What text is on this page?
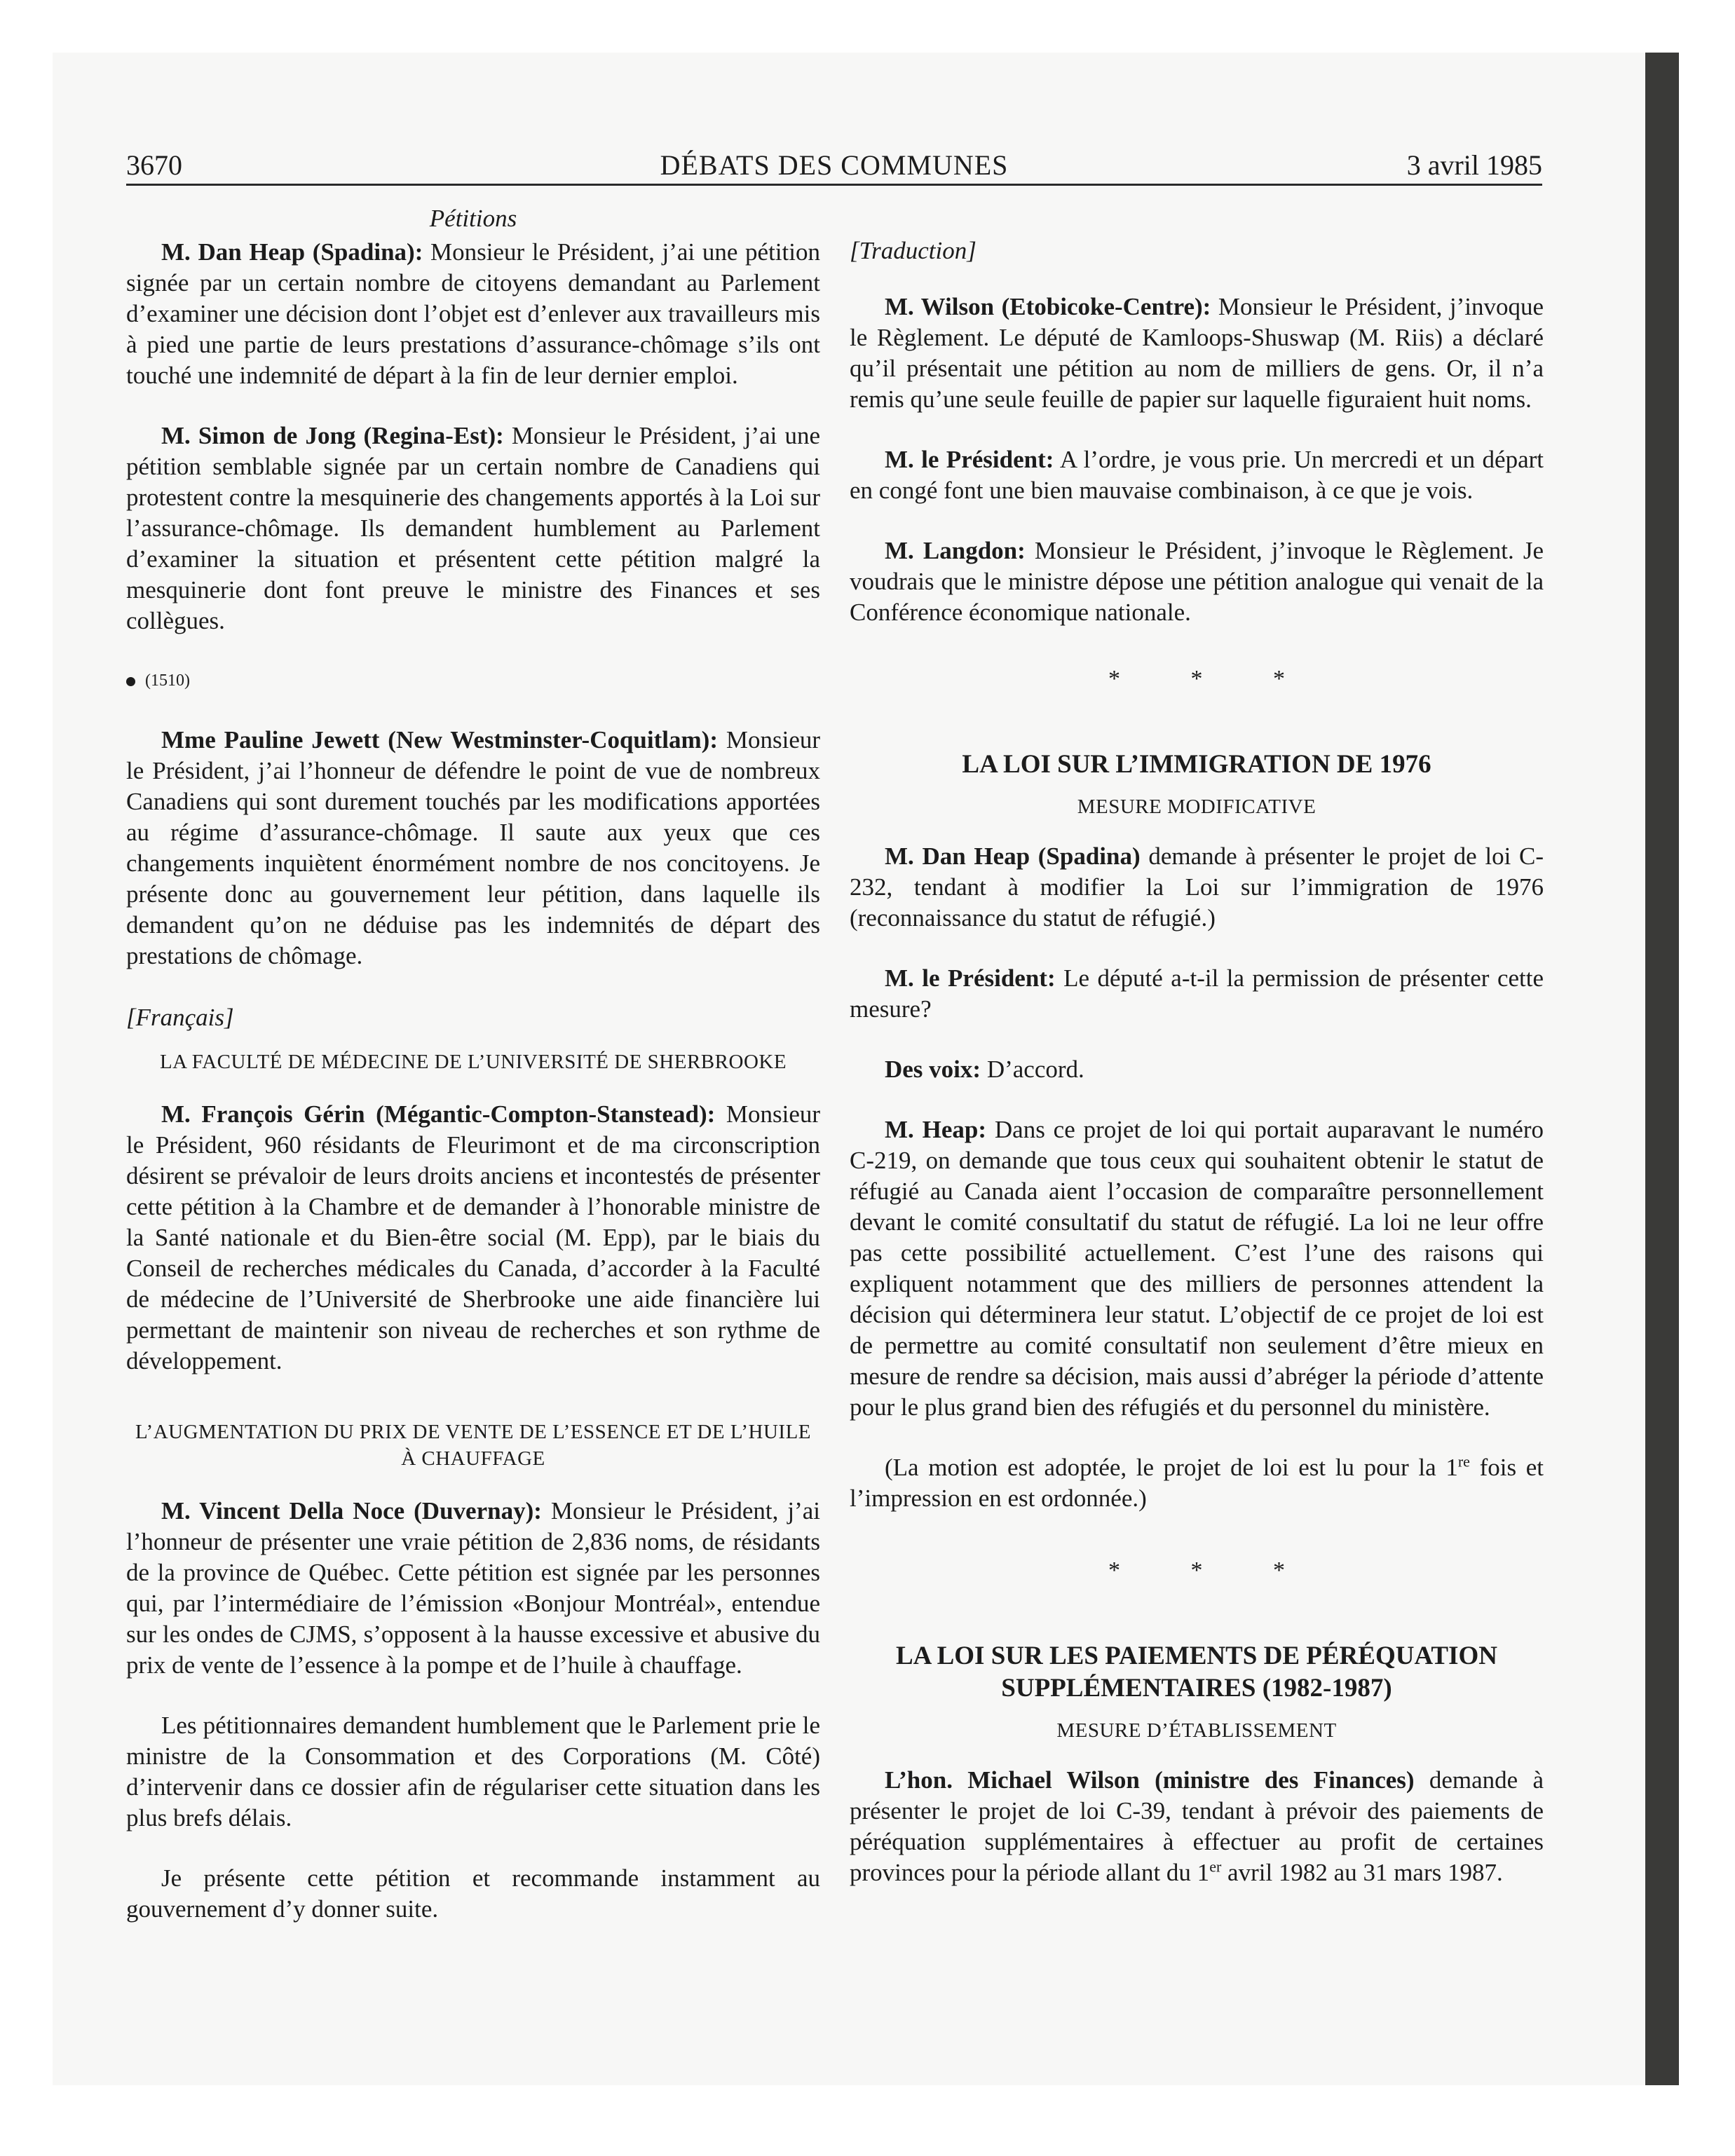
3670	DÉBATS DES COMMUNES	3 avril 1985
Pétitions

M. Dan Heap (Spadina): Monsieur le Président, j’ai une pétition signée par un certain nombre de citoyens demandant au Parlement d’examiner une décision dont l’objet est d’enlever aux travailleurs mis à pied une partie de leurs prestations d’assurance-chômage s’ils ont touché une indemnité de départ à la fin de leur dernier emploi.

M. Simon de Jong (Regina-Est): Monsieur le Président, j’ai une pétition semblable signée par un certain nombre de Canadiens qui protestent contre la mesquinerie des changements apportés à la Loi sur l’assurance-chômage. Ils demandent humblement au Parlement d’examiner la situation et présentent cette pétition malgré la mesquinerie dont font preuve le ministre des Finances et ses collègues.

(1510)

Mme Pauline Jewett (New Westminster-Coquitlam): Monsieur le Président, j’ai l’honneur de défendre le point de vue de nombreux Canadiens qui sont durement touchés par les modifications apportées au régime d’assurance-chômage. Il saute aux yeux que ces changements inquiètent énormément nombre de nos concitoyens. Je présente donc au gouvernement leur pétition, dans laquelle ils demandent qu’on ne déduise pas les indemnités de départ des prestations de chômage.

[Français]
LA FACULTÉ DE MÉDECINE DE L’UNIVERSITÉ DE SHERBROOKE

M. François Gérin (Mégantic-Compton-Stanstead): Monsieur le Président, 960 résidants de Fleurimont et de ma circonscription désirent se prévaloir de leurs droits anciens et incontestés de présenter cette pétition à la Chambre et de demander à l’honorable ministre de la Santé nationale et du Bien-être social (M. Epp), par le biais du Conseil de recherches médicales du Canada, d’accorder à la Faculté de médecine de l’Université de Sherbrooke une aide financière lui permettant de maintenir son niveau de recherches et son rythme de développement.

L’AUGMENTATION DU PRIX DE VENTE DE L’ESSENCE ET DE L’HUILE À CHAUFFAGE

M. Vincent Della Noce (Duvernay): Monsieur le Président, j’ai l’honneur de présenter une vraie pétition de 2,836 noms, de résidants de la province de Québec. Cette pétition est signée par les personnes qui, par l’intermédiaire de l’émission «Bonjour Montréal», entendue sur les ondes de CJMS, s’opposent à la hausse excessive et abusive du prix de vente de l’essence à la pompe et de l’huile à chauffage.

Les pétitionnaires demandent humblement que le Parlement prie le ministre de la Consommation et des Corporations (M. Côté) d’intervenir dans ce dossier afin de régulariser cette situation dans les plus brefs délais.

Je présente cette pétition et recommande instamment au gouvernement d’y donner suite.

[Traduction]

M. Wilson (Etobicoke-Centre): Monsieur le Président, j’invoque le Règlement. Le député de Kamloops-Shuswap (M. Riis) a déclaré qu’il présentait une pétition au nom de milliers de gens. Or, il n’a remis qu’une seule feuille de papier sur laquelle figuraient huit noms.

M. le Président: A l’ordre, je vous prie. Un mercredi et un départ en congé font une bien mauvaise combinaison, à ce que je vois.

M. Langdon: Monsieur le Président, j’invoque le Règlement. Je voudrais que le ministre dépose une pétition analogue qui venait de la Conférence économique nationale.

* * *
LA LOI SUR L’IMMIGRATION DE 1976
MESURE MODIFICATIVE

M. Dan Heap (Spadina) demande à présenter le projet de loi C-232, tendant à modifier la Loi sur l’immigration de 1976 (reconnaissance du statut de réfugié.)

M. le Président: Le député a-t-il la permission de présenter cette mesure?

Des voix: D’accord.

M. Heap: Dans ce projet de loi qui portait auparavant le numéro C-219, on demande que tous ceux qui souhaitent obtenir le statut de réfugié au Canada aient l’occasion de comparaître personnellement devant le comité consultatif du statut de réfugié. La loi ne leur offre pas cette possibilité actuellement. C’est l’une des raisons qui expliquent notamment que des milliers de personnes attendent la décision qui déterminera leur statut. L’objectif de ce projet de loi est de permettre au comité consultatif non seulement d’être mieux en mesure de rendre sa décision, mais aussi d’abréger la période d’attente pour le plus grand bien des réfugiés et du personnel du ministère.

(La motion est adoptée, le projet de loi est lu pour la 1re fois et l’impression en est ordonnée.)

* * *
LA LOI SUR LES PAIEMENTS DE PÉRÉQUATION SUPPLÉMENTAIRES (1982-1987)
MESURE D’ÉTABLISSEMENT

L’hon. Michael Wilson (ministre des Finances) demande à présenter le projet de loi C-39, tendant à prévoir des paiements de péréquation supplémentaires à effectuer au profit de certaines provinces pour la période allant du 1er avril 1982 au 31 mars 1987.
